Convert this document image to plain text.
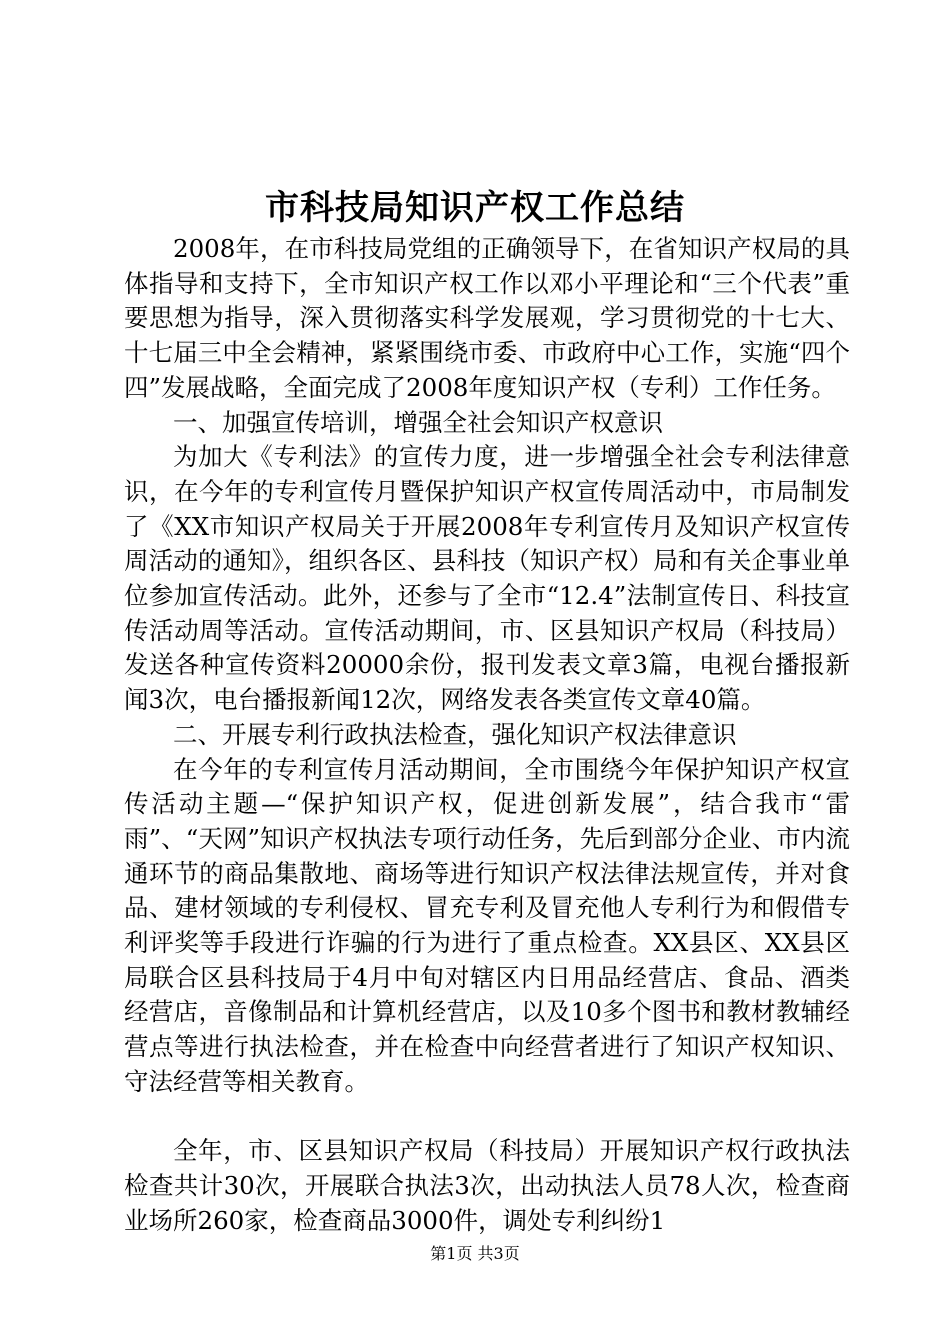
市科技局知识产权工作总结

2008年，在市科技局党组的正确领导下，在省知识产权局的具体指导和支持下，全市知识产权工作以邓小平理论和“三个代表”重要思想为指导，深入贯彻落实科学发展观，学习贯彻党的十七大、十七届三中全会精神，紧紧围绕市委、市政府中心工作，实施“四个四”发展战略，全面完成了2008年度知识产权（专利）工作任务。

一、加强宣传培训，增强全社会知识产权意识

为加大《专利法》的宣传力度，进一步增强全社会专利法律意识，在今年的专利宣传月暨保护知识产权宣传周活动中，市局制发了《XX市知识产权局关于开展2008年专利宣传月及知识产权宣传周活动的通知》，组织各区、县科技（知识产权）局和有关企事业单位参加宣传活动。此外，还参与了全市“12.4”法制宣传日、科技宣传活动周等活动。宣传活动期间，市、区县知识产权局（科技局）发送各种宣传资料20000余份，报刊发表文章3篇，电视台播报新闻3次，电台播报新闻12次，网络发表各类宣传文章40篇。

二、开展专利行政执法检查，强化知识产权法律意识

在今年的专利宣传月活动期间，全市围绕今年保护知识产权宣传活动主题—“保护知识产权，促进创新发展”，结合我市“雷雨”、“天网”知识产权执法专项行动任务，先后到部分企业、市内流通环节的商品集散地、商场等进行知识产权法律法规宣传，并对食品、建材领域的专利侵权、冒充专利及冒充他人专利行为和假借专利评奖等手段进行诈骗的行为进行了重点检查。XX县区、XX县区局联合区县科技局于4月中旬对辖区内日用品经营店、食品、酒类经营店，音像制品和计算机经营店，以及10多个图书和教材教辅经营点等进行执法检查，并在检查中向经营者进行了知识产权知识、守法经营等相关教育。

全年，市、区县知识产权局（科技局）开展知识产权行政执法检查共计30次，开展联合执法3次，出动执法人员78人次，检查商业场所260家，检查商品3000件，调处专利纠纷1

第1页 共3页
